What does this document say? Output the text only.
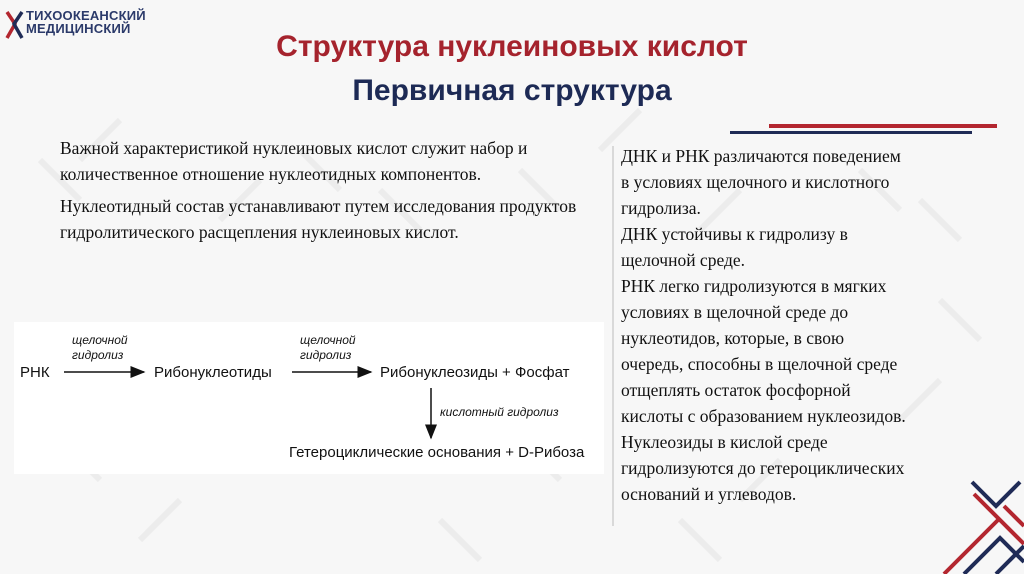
ТИХООКЕАНСКИЙ
МЕДИЦИНСКИЙ
Структура нуклеиновых кислот
Первичная структура

Важной характеристикой нуклеиновых кислот служит набор и количественное отношение нуклеотидных компонентов.

Нуклеотидный состав устанавливают путем исследования продуктов гидролитического расщепления нуклеиновых кислот.

РНК
щелочной
гидролиз
Рибонуклеотиды
щелочной
гидролиз
Рибонуклеозиды + Фосфат
кислотный гидролиз
Гетероциклические основания + D-Рибоза

ДНК и РНК различаются поведением

в условиях щелочного и кислотного

гидролиза.

ДНК устойчивы к гидролизу в

щелочной среде.

РНК легко гидролизуются в мягких

условиях в щелочной среде до

нуклеотидов, которые, в свою

очередь, способны в щелочной среде

отщеплять остаток фосфорной

кислоты с образованием нуклеозидов.

Нуклеозиды в кислой среде

гидролизуются до гетероциклических

оснований и углеводов.
